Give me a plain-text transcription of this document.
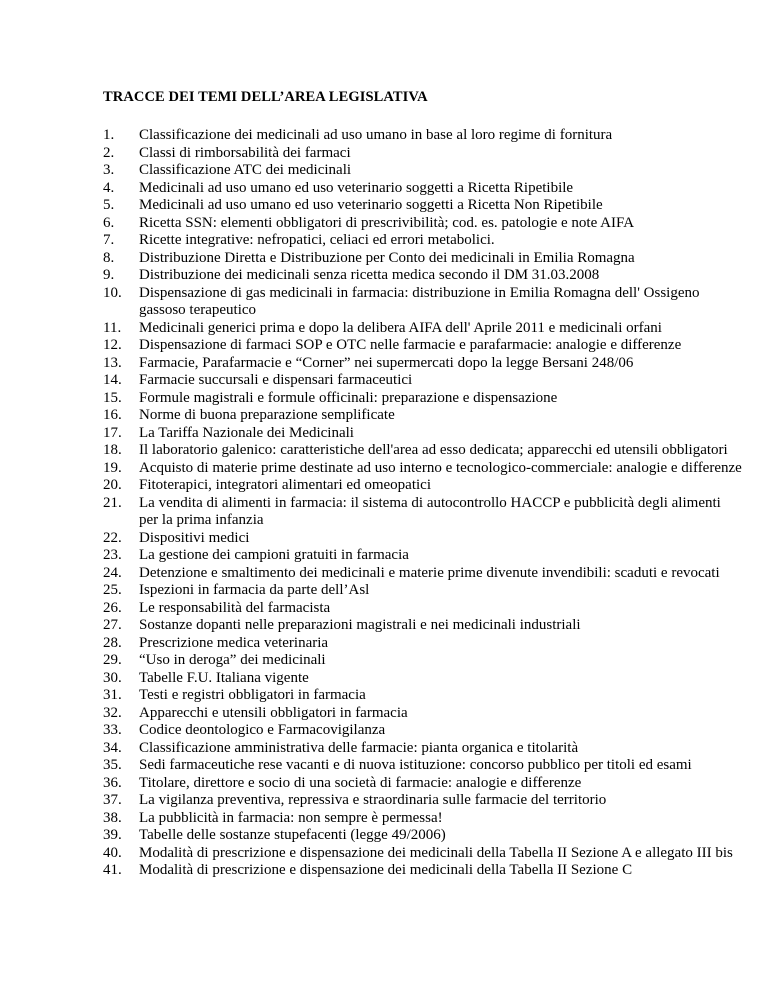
TRACCE DEI TEMI DELL’AREA LEGISLATIVA
1. Classificazione dei medicinali ad uso umano in base al loro regime di fornitura
2. Classi di rimborsabilità dei farmaci
3. Classificazione ATC dei medicinali
4. Medicinali ad uso umano ed uso veterinario soggetti a Ricetta Ripetibile
5. Medicinali ad uso umano ed uso veterinario soggetti a Ricetta Non Ripetibile
6. Ricetta SSN: elementi obbligatori di prescrivibilità; cod. es. patologie e note AIFA
7. Ricette integrative: nefropatici, celiaci ed errori metabolici.
8. Distribuzione Diretta e Distribuzione per Conto dei medicinali in Emilia Romagna
9. Distribuzione dei medicinali senza ricetta medica secondo il DM 31.03.2008
10. Dispensazione di gas medicinali in farmacia: distribuzione in Emilia Romagna dell' Ossigeno gassoso terapeutico
11. Medicinali generici prima e dopo la delibera AIFA dell' Aprile 2011 e medicinali orfani
12. Dispensazione di farmaci SOP e OTC nelle farmacie e parafarmacie: analogie e differenze
13. Farmacie, Parafarmacie e “Corner” nei supermercati dopo la legge Bersani 248/06
14. Farmacie succursali e dispensari farmaceutici
15. Formule magistrali e formule officinali: preparazione e dispensazione
16. Norme di buona preparazione semplificate
17. La Tariffa Nazionale dei Medicinali
18. Il laboratorio galenico: caratteristiche dell'area ad esso dedicata; apparecchi ed utensili obbligatori
19. Acquisto di materie prime destinate ad uso interno e tecnologico-commerciale: analogie e differenze
20. Fitoterapici, integratori alimentari ed omeopatici
21. La vendita di alimenti in farmacia: il sistema di autocontrollo HACCP e pubblicità degli alimenti per la prima infanzia
22. Dispositivi medici
23. La gestione dei campioni gratuiti in farmacia
24. Detenzione e smaltimento dei medicinali e materie prime divenute invendibili: scaduti e revocati
25. Ispezioni in farmacia da parte dell’Asl
26. Le responsabilità del farmacista
27. Sostanze dopanti nelle preparazioni magistrali e nei medicinali industriali
28. Prescrizione medica veterinaria
29. “Uso in deroga” dei medicinali
30. Tabelle F.U. Italiana vigente
31. Testi e registri obbligatori in farmacia
32. Apparecchi e utensili obbligatori in farmacia
33. Codice deontologico e Farmacovigilanza
34. Classificazione amministrativa delle farmacie: pianta organica e titolarità
35. Sedi farmaceutiche rese vacanti e di nuova istituzione: concorso pubblico per titoli ed esami
36. Titolare, direttore e socio di una società di farmacie: analogie e differenze
37. La vigilanza preventiva, repressiva e straordinaria sulle farmacie del territorio
38. La pubblicità in farmacia: non sempre è permessa!
39. Tabelle delle sostanze stupefacenti (legge 49/2006)
40. Modalità di prescrizione e dispensazione dei medicinali della Tabella II Sezione A e allegato III bis
41. Modalità di prescrizione e dispensazione dei medicinali della Tabella II Sezione C
